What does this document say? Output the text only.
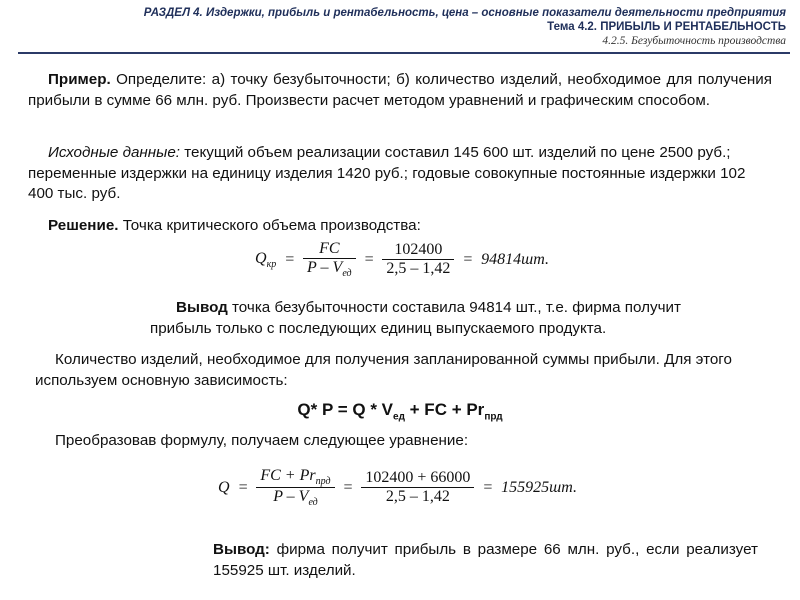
РАЗДЕЛ 4. Издержки, прибыль и рентабельность, цена – основные показатели деятельности предприятия
Тема 4.2. ПРИБЫЛЬ И РЕНТАБЕЛЬНОСТЬ
4.2.5. Безубыточность производства
Пример. Определите: а) точку безубыточности; б) количество изделий, необходимое для получения прибыли в сумме 66 млн. руб. Произвести расчет методом уравнений и графическим способом.
Исходные данные: текущий объем реализации составил 145 600 шт. изделий по цене 2500 руб.; переменные издержки на единицу изделия 1420 руб.; годовые совокупные постоянные издержки 102 400 тыс. руб.
Решение. Точка критического объема производства:
$Q_{кр} = \frac{FC}{P - V_{ед}} = \frac{102400}{2,5 - 1,42} = 94814шт$.
Вывод точка безубыточности составила 94814 шт., т.е. фирма получит прибыль только с последующих единиц выпускаемого продукта.
Количество изделий, необходимое для получения запланированной суммы прибыли. Для этого используем основную зависимость:
Q* $P = Q * V_{ед}$ + FC + $Pr_{прд}$
Преобразовав формулу, получаем следующее уравнение:
$Q = \frac{FC + Pr_{прд}}{P - V_{ед}} = \frac{102400 + 66000}{2,5 - 1,42} = 155925шт$.
Вывод: фирма получит прибыль в размере 66 млн. руб., если реализует 155925 шт. изделий.
